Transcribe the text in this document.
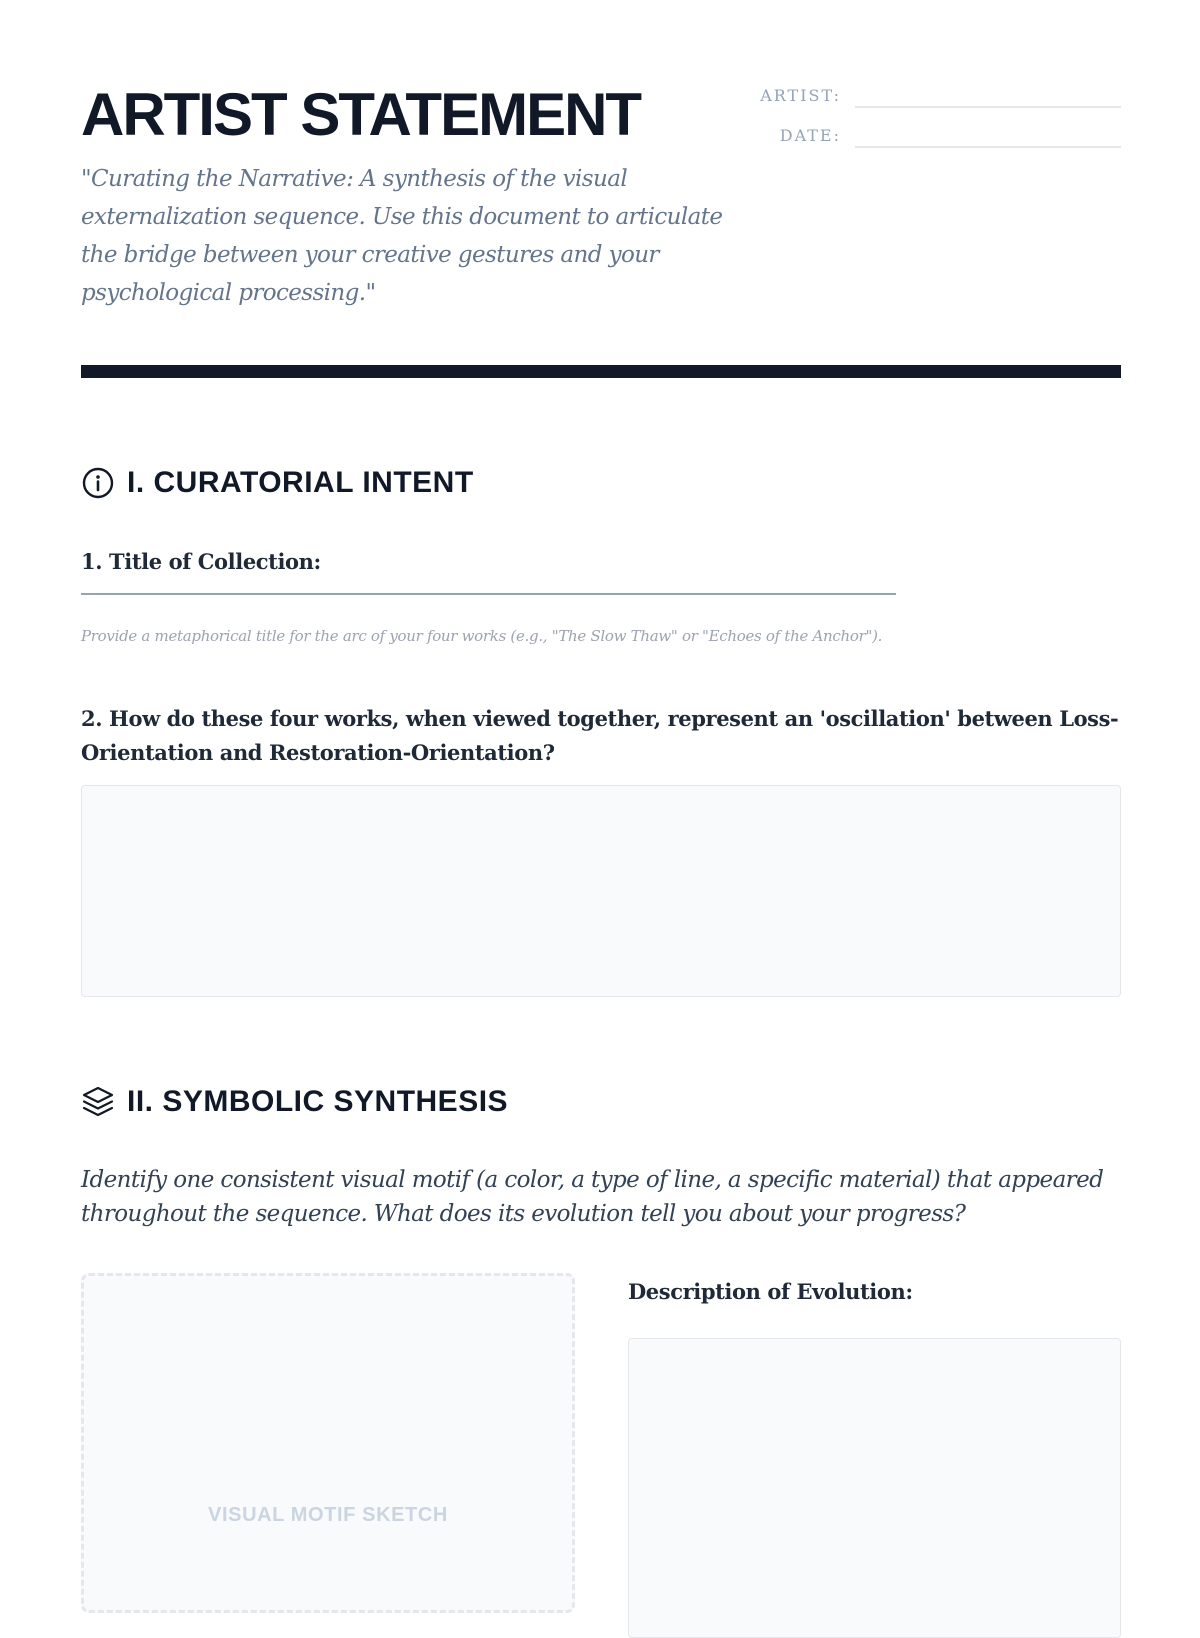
ARTIST STATEMENT

"Curating the Narrative: A synthesis of the visual externalization sequence. Use this document to articulate the bridge between your creative gestures and your psychological processing."

ARTIST:
DATE:
I. CURATORIAL INTENT

1. Title of Collection:

Provide a metaphorical title for the arc of your four works (e.g., "The Slow Thaw" or "Echoes of the Anchor").

2. How do these four works, when viewed together, represent an 'oscillation' between Loss-Orientation and Restoration-Orientation?

II. SYMBOLIC SYNTHESIS

Identify one consistent visual motif (a color, a type of line, a specific material) that appeared throughout the sequence. What does its evolution tell you about your progress?

VISUAL MOTIF SKETCH

Description of Evolution:
